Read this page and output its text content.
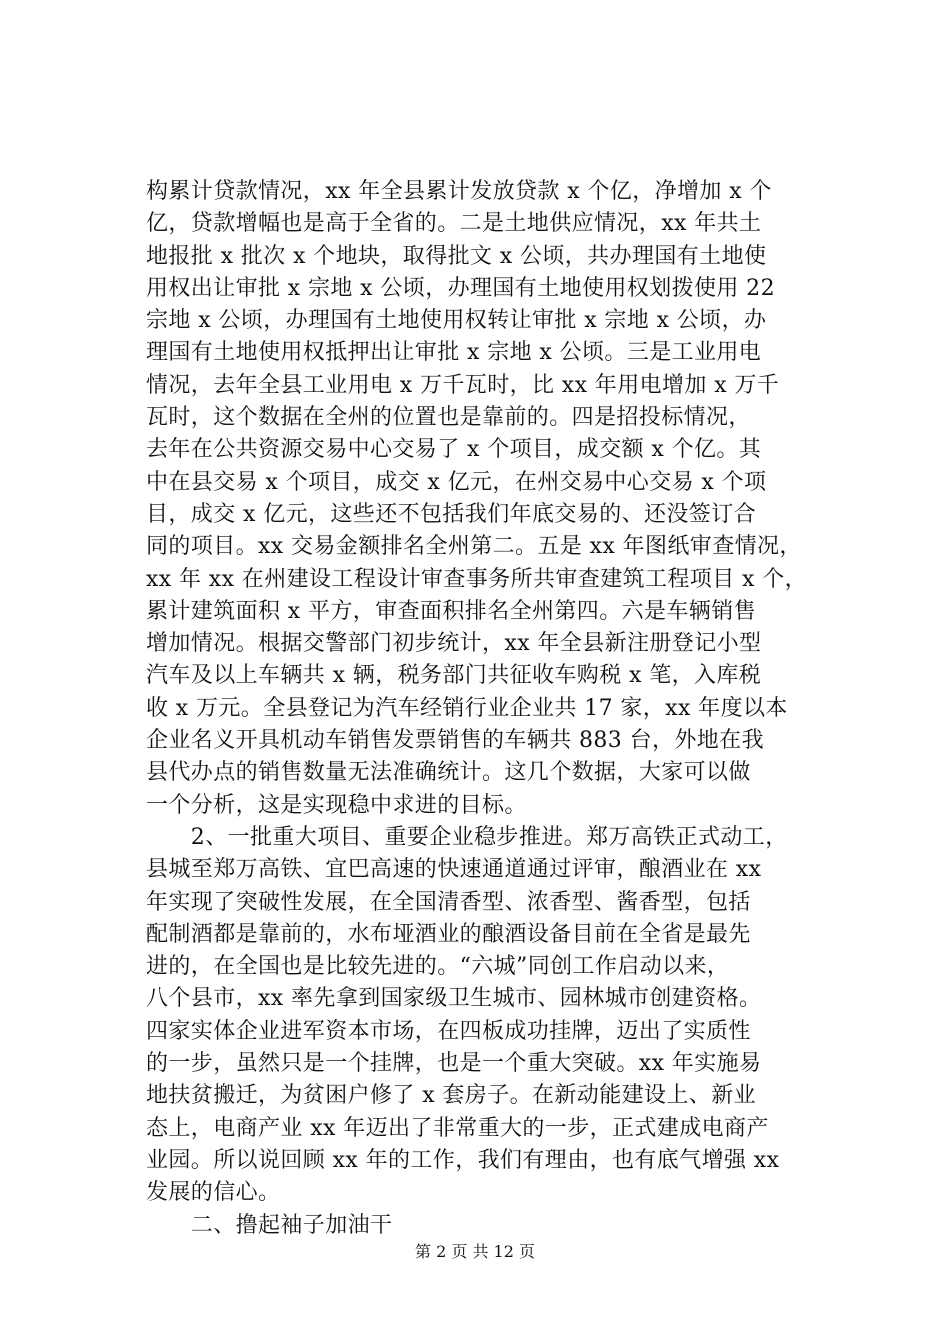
构累计贷款情况，xx 年全县累计发放贷款 x 个亿，净增加 x 个
亿，贷款增幅也是高于全省的。二是土地供应情况，xx 年共土
地报批 x 批次 x 个地块，取得批文 x 公顷，共办理国有土地使
用权出让审批 x 宗地 x 公顷，办理国有土地使用权划拨使用 22
宗地 x 公顷，办理国有土地使用权转让审批 x 宗地 x 公顷，办
理国有土地使用权抵押出让审批 x 宗地 x 公顷。三是工业用电
情况，去年全县工业用电 x 万千瓦时，比 xx 年用电增加 x 万千
瓦时，这个数据在全州的位置也是靠前的。四是招投标情况，
去年在公共资源交易中心交易了 x 个项目，成交额 x 个亿。其
中在县交易 x 个项目，成交 x 亿元，在州交易中心交易 x 个项
目，成交 x 亿元，这些还不包括我们年底交易的、还没签订合
同的项目。xx 交易金额排名全州第二。五是 xx 年图纸审查情况，
xx 年 xx 在州建设工程设计审查事务所共审查建筑工程项目 x 个，
累计建筑面积 x 平方，审查面积排名全州第四。六是车辆销售
增加情况。根据交警部门初步统计，xx 年全县新注册登记小型
汽车及以上车辆共 x 辆，税务部门共征收车购税 x 笔，入库税
收 x 万元。全县登记为汽车经销行业企业共 17 家，xx 年度以本
企业名义开具机动车销售发票销售的车辆共 883 台，外地在我
县代办点的销售数量无法准确统计。这几个数据，大家可以做
一个分析，这是实现稳中求进的目标。
　　2、一批重大项目、重要企业稳步推进。郑万高铁正式动工，
县城至郑万高铁、宜巴高速的快速通道通过评审，酿酒业在 xx
年实现了突破性发展，在全国清香型、浓香型、酱香型，包括
配制酒都是靠前的，水布垭酒业的酿酒设备目前在全省是最先
进的，在全国也是比较先进的。“六城”同创工作启动以来，
八个县市，xx 率先拿到国家级卫生城市、园林城市创建资格。
四家实体企业进军资本市场，在四板成功挂牌，迈出了实质性
的一步，虽然只是一个挂牌，也是一个重大突破。xx 年实施易
地扶贫搬迁，为贫困户修了 x 套房子。在新动能建设上、新业
态上，电商产业 xx 年迈出了非常重大的一步，正式建成电商产
业园。所以说回顾 xx 年的工作，我们有理由，也有底气增强 xx
发展的信心。
　　二、撸起袖子加油干
第 2 页 共 12 页
